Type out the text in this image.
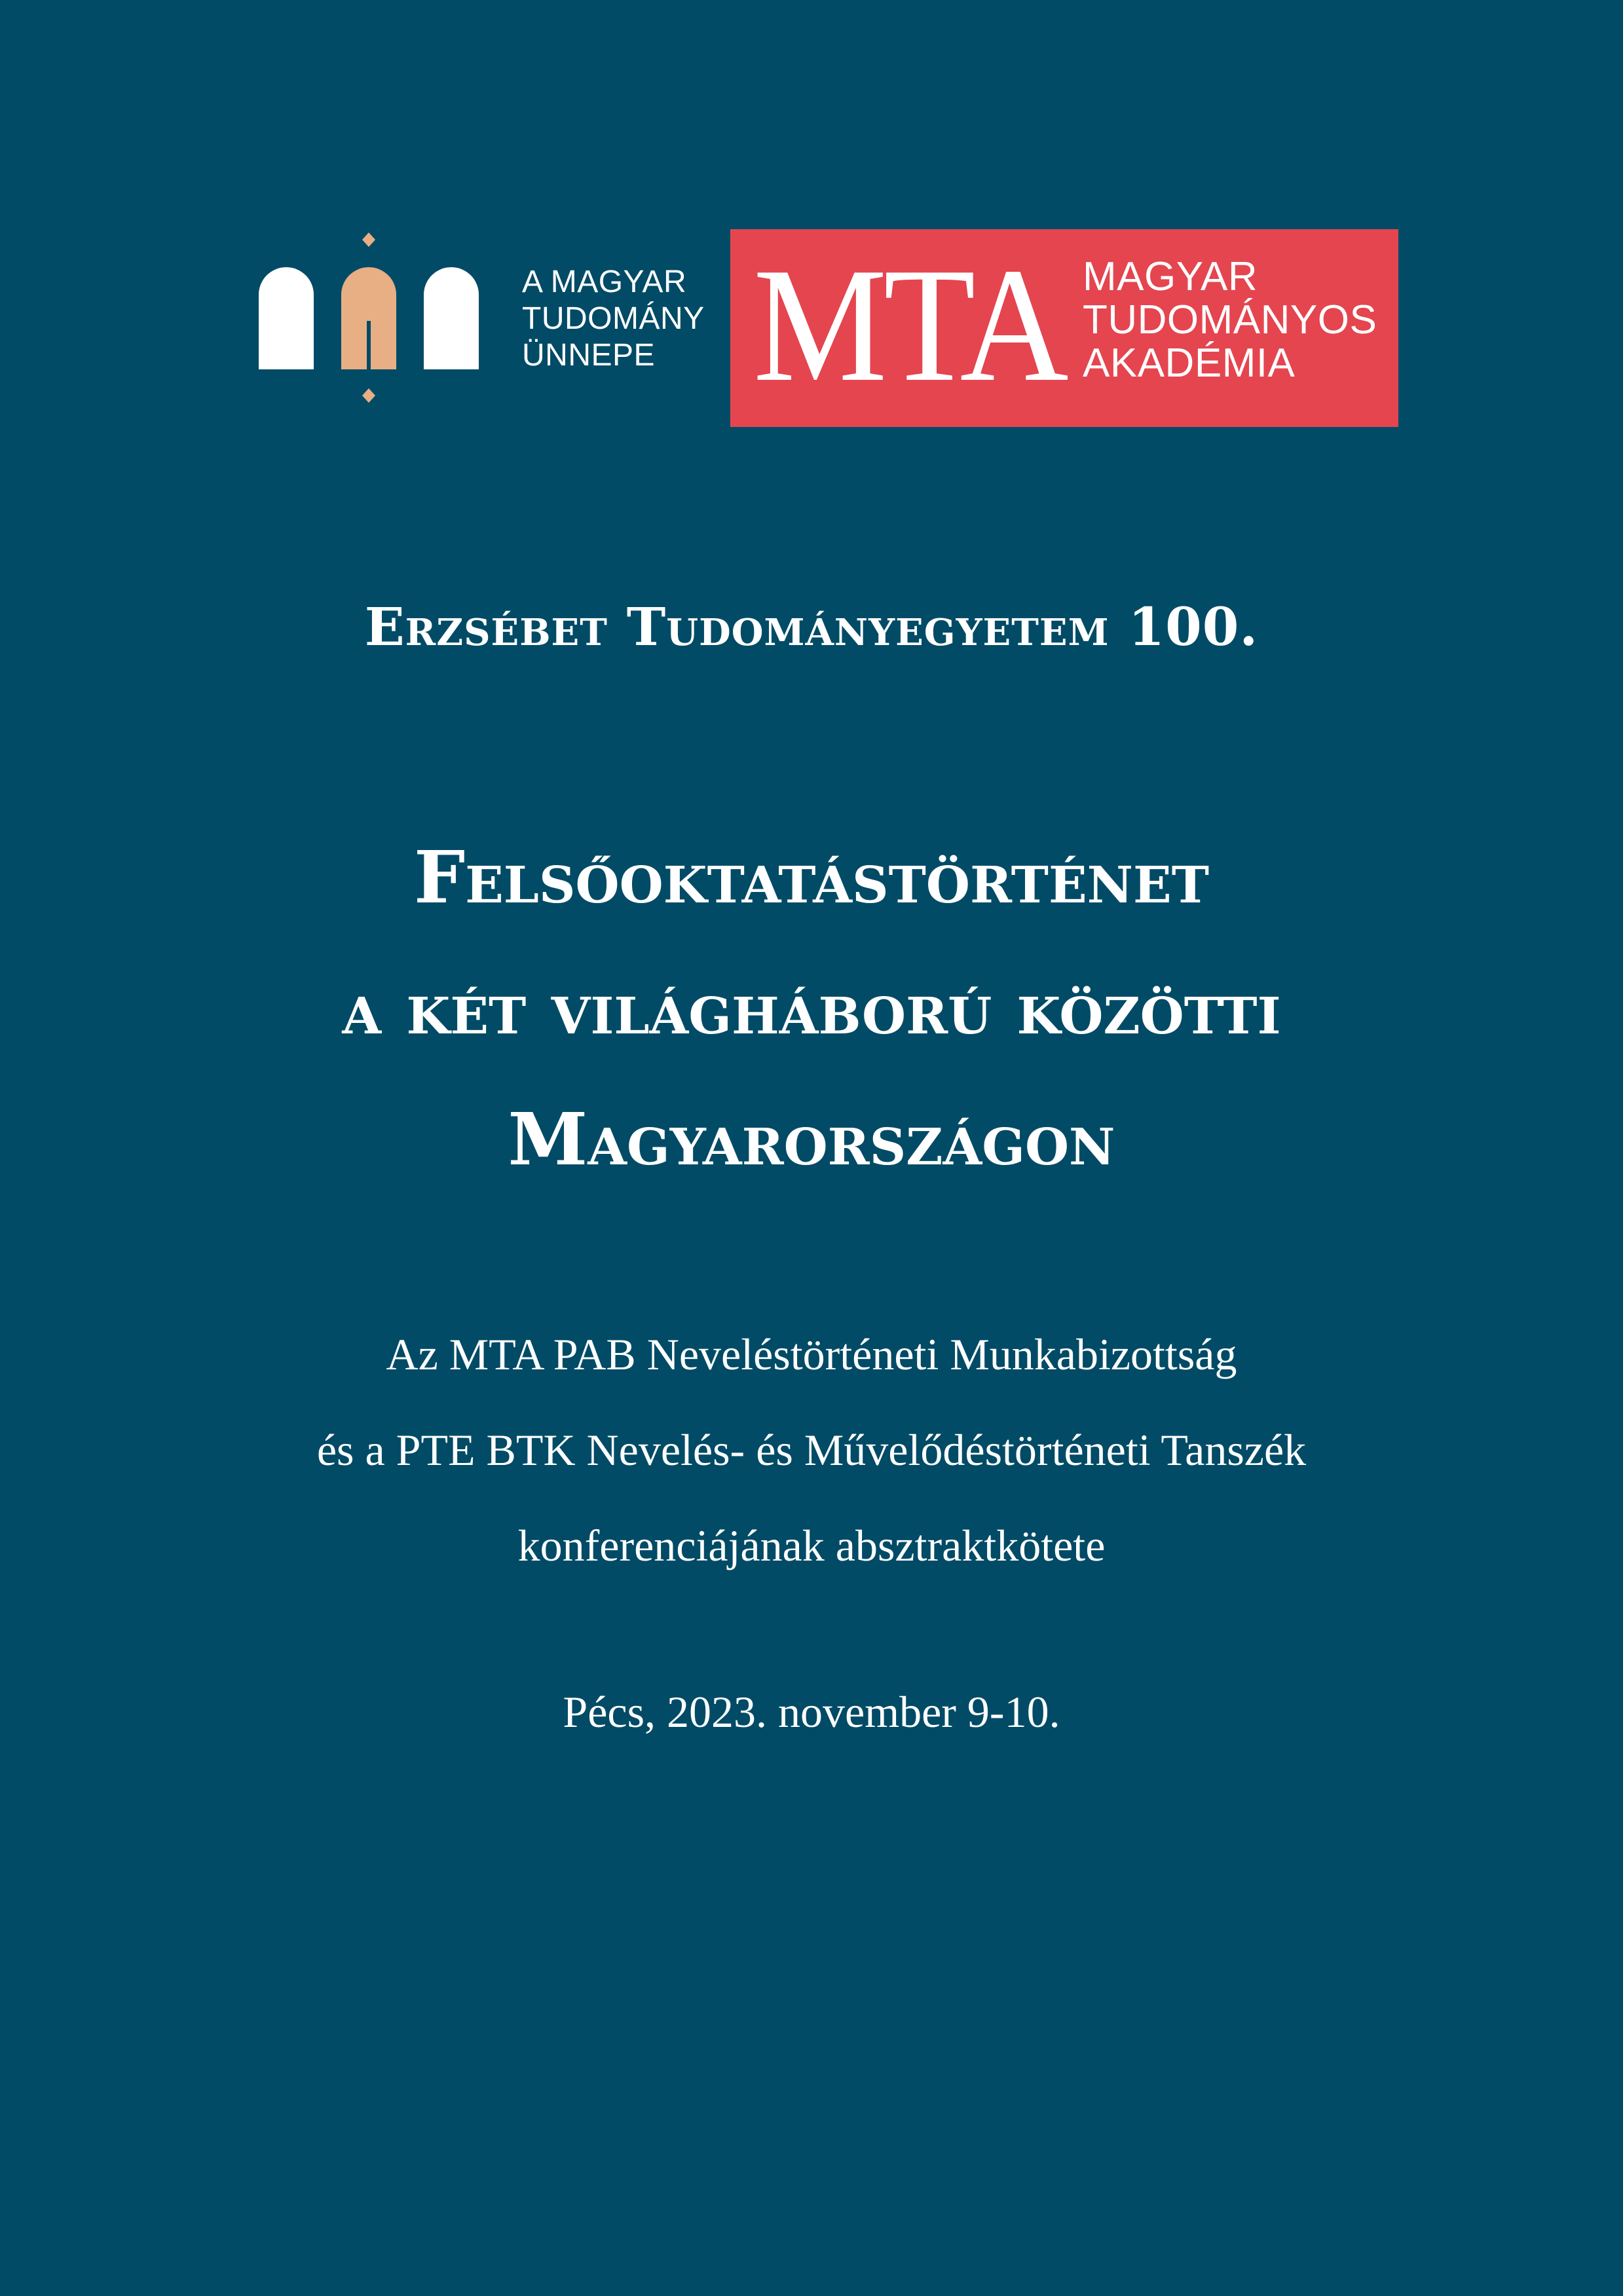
A MAGYAR
TUDOMÁNY
ÜNNEPE MTA MAGYAR
TUDOMÁNYOS
AKADÉMIA
Erzsébet Tudományegyetem 100.
Felsőoktatástörténet
a két világháború közötti
Magyarországon
Az MTA PAB Neveléstörténeti Munkabizottság
és a PTE BTK Nevelés- és Művelődéstörténeti Tanszék
konferenciájának absztraktkötete
Pécs, 2023. november 9-10.
